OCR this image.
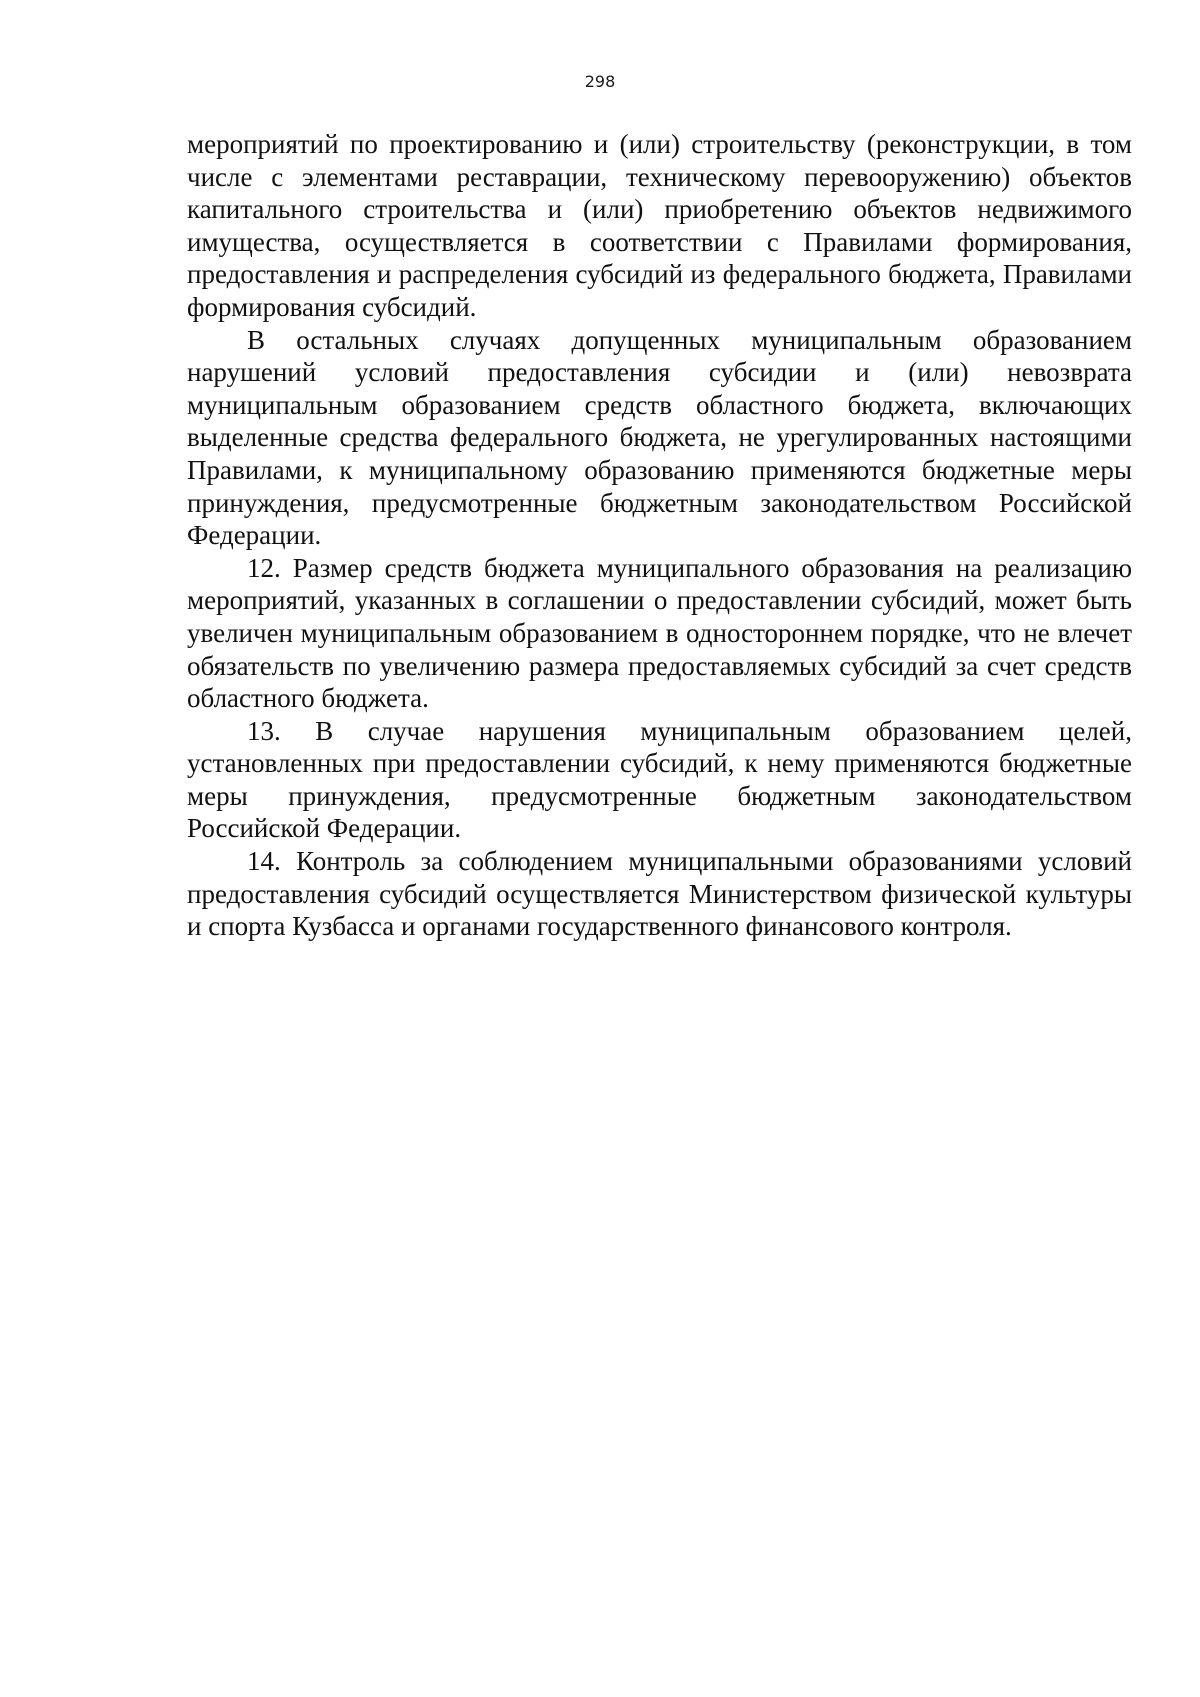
298

мероприятий по проектированию и (или) строительству (реконструкции, в том числе с элементами реставрации, техническому перевооружению) объектов капитального строительства и (или) приобретению объектов недвижимого имущества, осуществляется в соответствии с Правилами формирования, предоставления и распределения субсидий из федерального бюджета, Правилами формирования субсидий.

В остальных случаях допущенных муниципальным образованием нарушений условий предоставления субсидии и (или) невозврата муниципальным образованием средств областного бюджета, включающих выделенные средства федерального бюджета, не урегулированных настоящими Правилами, к муниципальному образованию применяются бюджетные меры принуждения, предусмотренные бюджетным законодательством Российской Федерации.

12. Размер средств бюджета муниципального образования на реализацию мероприятий, указанных в соглашении о предоставлении субсидий, может быть увеличен муниципальным образованием в одностороннем порядке, что не влечет обязательств по увеличению размера предоставляемых субсидий за счет средств областного бюджета.

13. В случае нарушения муниципальным образованием целей, установленных при предоставлении субсидий, к нему применяются бюджетные меры принуждения, предусмотренные бюджетным законодательством Российской Федерации.

14. Контроль за соблюдением муниципальными образованиями условий предоставления субсидий осуществляется Министерством физической культуры и спорта Кузбасса и органами государственного финансового контроля.
